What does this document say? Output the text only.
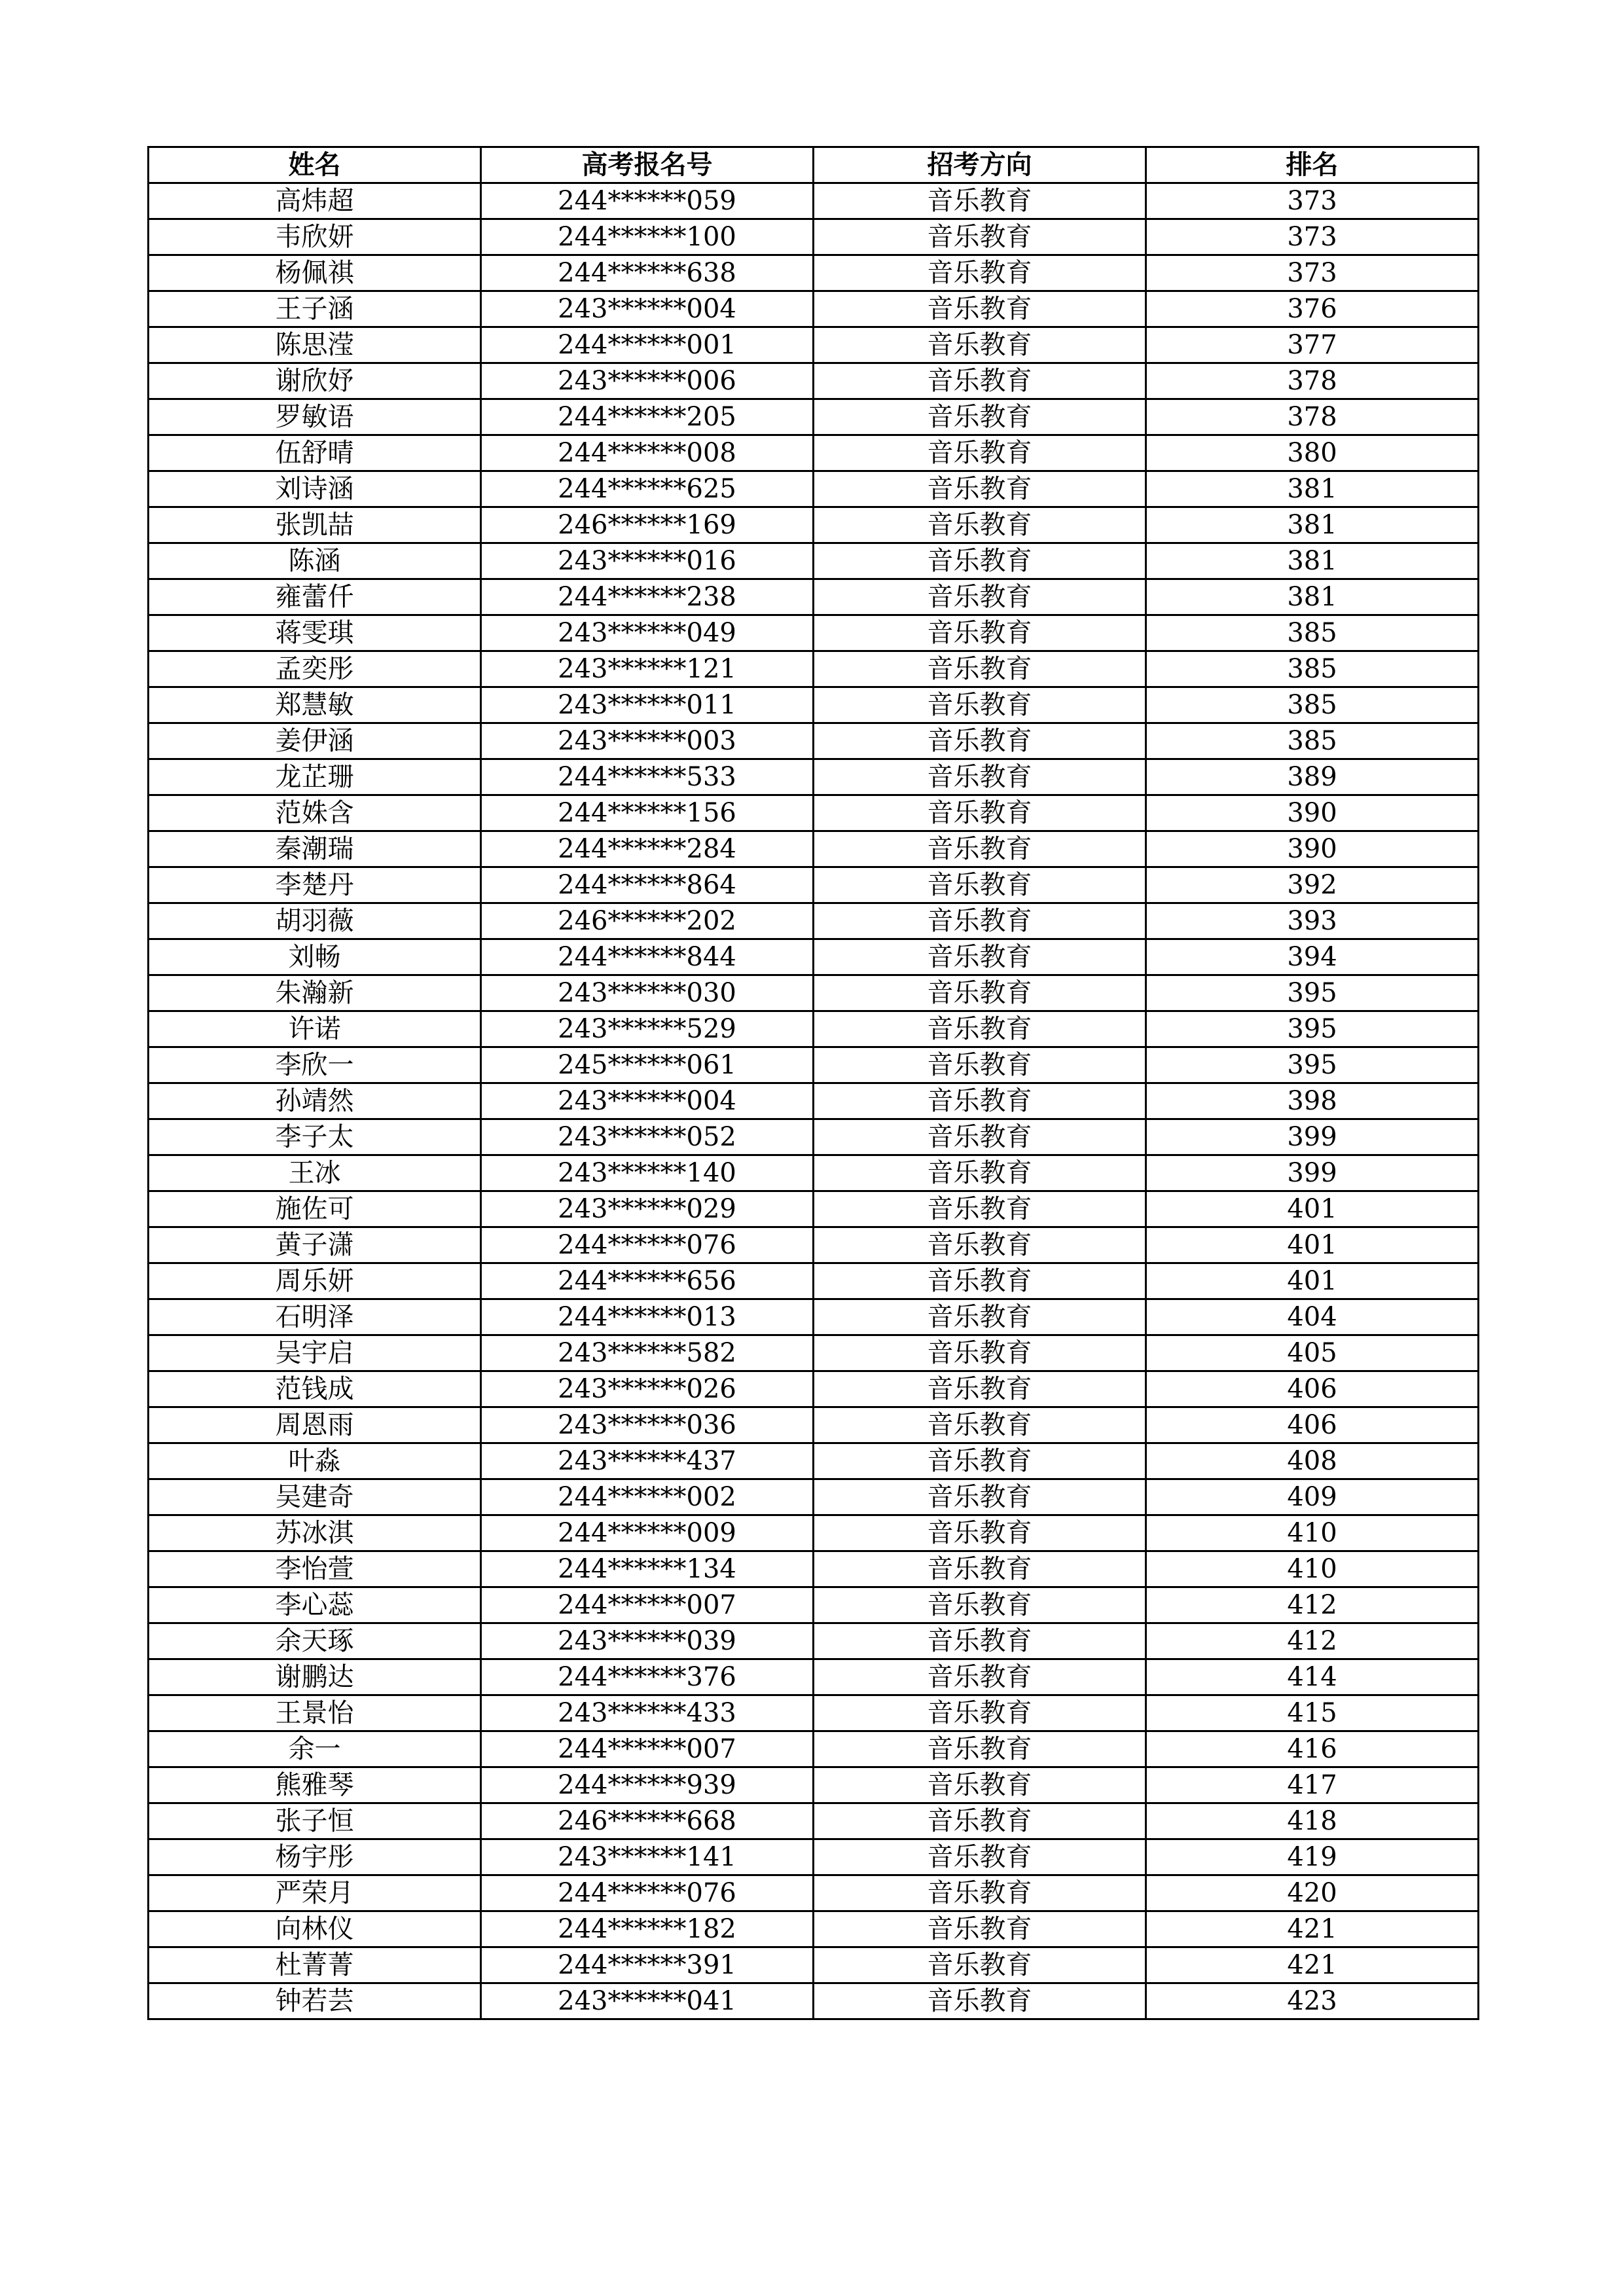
姓名	高考报名号	招考方向	排名
高炜超	244******059	音乐教育	373
韦欣妍	244******100	音乐教育	373
杨佩祺	244******638	音乐教育	373
王子涵	243******004	音乐教育	376
陈思滢	244******001	音乐教育	377
谢欣妤	243******006	音乐教育	378
罗敏语	244******205	音乐教育	378
伍舒晴	244******008	音乐教育	380
刘诗涵	244******625	音乐教育	381
张凯喆	246******169	音乐教育	381
陈涵	243******016	音乐教育	381
雍蕾仟	244******238	音乐教育	381
蒋雯琪	243******049	音乐教育	385
孟奕彤	243******121	音乐教育	385
郑慧敏	243******011	音乐教育	385
姜伊涵	243******003	音乐教育	385
龙芷珊	244******533	音乐教育	389
范姝含	244******156	音乐教育	390
秦潮瑞	244******284	音乐教育	390
李楚丹	244******864	音乐教育	392
胡羽薇	246******202	音乐教育	393
刘畅	244******844	音乐教育	394
朱瀚新	243******030	音乐教育	395
许诺	243******529	音乐教育	395
李欣一	245******061	音乐教育	395
孙靖然	243******004	音乐教育	398
李子太	243******052	音乐教育	399
王冰	243******140	音乐教育	399
施佐可	243******029	音乐教育	401
黄子潇	244******076	音乐教育	401
周乐妍	244******656	音乐教育	401
石明泽	244******013	音乐教育	404
吴宇启	243******582	音乐教育	405
范钱成	243******026	音乐教育	406
周恩雨	243******036	音乐教育	406
叶淼	243******437	音乐教育	408
吴建奇	244******002	音乐教育	409
苏冰淇	244******009	音乐教育	410
李怡萱	244******134	音乐教育	410
李心蕊	244******007	音乐教育	412
余天琢	243******039	音乐教育	412
谢鹏达	244******376	音乐教育	414
王景怡	243******433	音乐教育	415
余一	244******007	音乐教育	416
熊雅琴	244******939	音乐教育	417
张子恒	246******668	音乐教育	418
杨宇彤	243******141	音乐教育	419
严荣月	244******076	音乐教育	420
向林仪	244******182	音乐教育	421
杜菁菁	244******391	音乐教育	421
钟若芸	243******041	音乐教育	423
